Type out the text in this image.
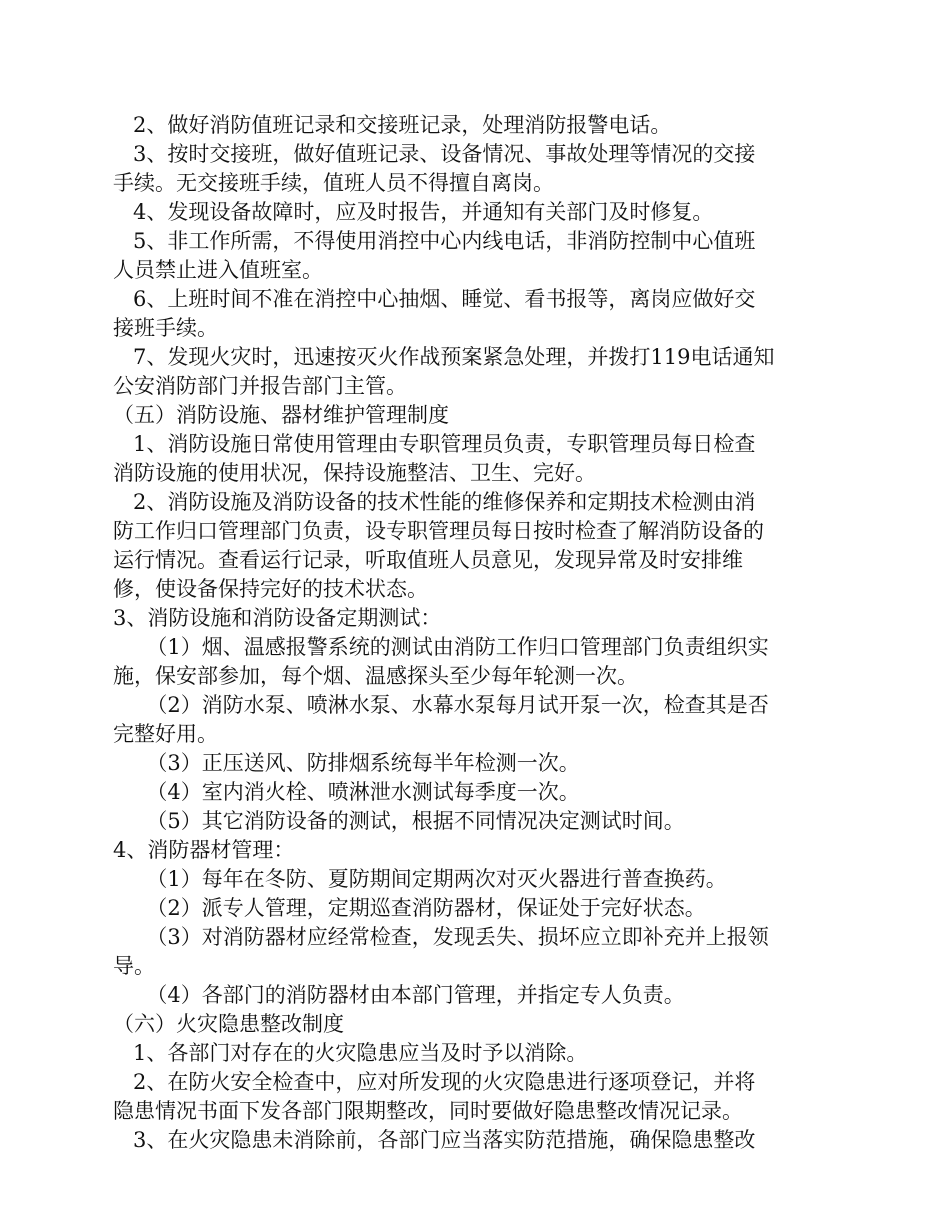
2、做好消防值班记录和交接班记录，处理消防报警电话。
3、按时交接班，做好值班记录、设备情况、事故处理等情况的交接
手续。无交接班手续，值班人员不得擅自离岗。
4、发现设备故障时，应及时报告，并通知有关部门及时修复。
5、非工作所需，不得使用消控中心内线电话，非消防控制中心值班
人员禁止进入值班室。
6、上班时间不准在消控中心抽烟、睡觉、看书报等，离岗应做好交
接班手续。
7、发现火灾时，迅速按灭火作战预案紧急处理，并拨打119电话通知
公安消防部门并报告部门主管。
（五）消防设施、器材维护管理制度
1、消防设施日常使用管理由专职管理员负责，专职管理员每日检查
消防设施的使用状况，保持设施整洁、卫生、完好。
2、消防设施及消防设备的技术性能的维修保养和定期技术检测由消
防工作归口管理部门负责，设专职管理员每日按时检查了解消防设备的
运行情况。查看运行记录，听取值班人员意见，发现异常及时安排维
修，使设备保持完好的技术状态。
3、消防设施和消防设备定期测试：
（1）烟、温感报警系统的测试由消防工作归口管理部门负责组织实
施，保安部参加，每个烟、温感探头至少每年轮测一次。
（2）消防水泵、喷淋水泵、水幕水泵每月试开泵一次，检查其是否
完整好用。
（3）正压送风、防排烟系统每半年检测一次。
（4）室内消火栓、喷淋泄水测试每季度一次。
（5）其它消防设备的测试，根据不同情况决定测试时间。
4、消防器材管理：
（1）每年在冬防、夏防期间定期两次对灭火器进行普查换药。
（2）派专人管理，定期巡查消防器材，保证处于完好状态。
（3）对消防器材应经常检查，发现丢失、损坏应立即补充并上报领
导。
（4）各部门的消防器材由本部门管理，并指定专人负责。
（六）火灾隐患整改制度
1、各部门对存在的火灾隐患应当及时予以消除。
2、在防火安全检查中，应对所发现的火灾隐患进行逐项登记，并将
隐患情况书面下发各部门限期整改，同时要做好隐患整改情况记录。
3、在火灾隐患未消除前，各部门应当落实防范措施，确保隐患整改
